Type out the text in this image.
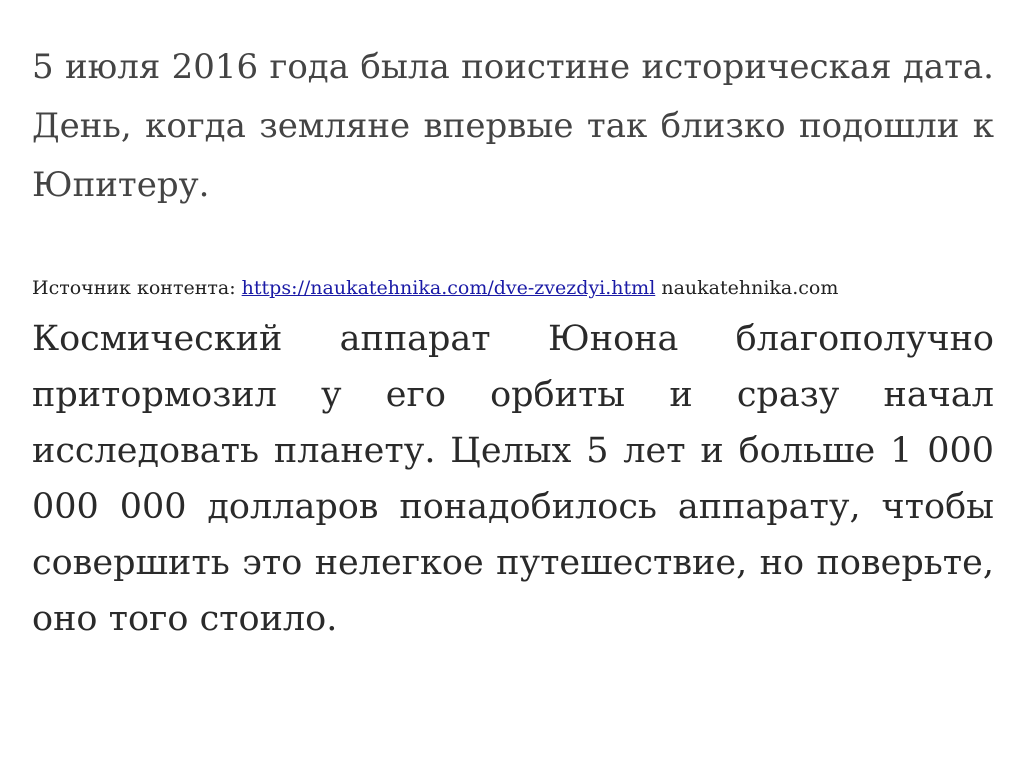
5 июля 2016 года была поистине историческая дата. День, когда земляне впервые так близко подошли к Юпитеру.

Источник контента: https://naukatehnika.com/dve-zvezdyi.html naukatehnika.com

Космический аппарат Юнона благополучно притормозил у его орбиты и сразу начал исследовать планету. Целых 5 лет и больше 1 000 000 000 долларов понадобилось аппарату, чтобы совершить это нелегкое путешествие, но поверьте, оно того стоило.
